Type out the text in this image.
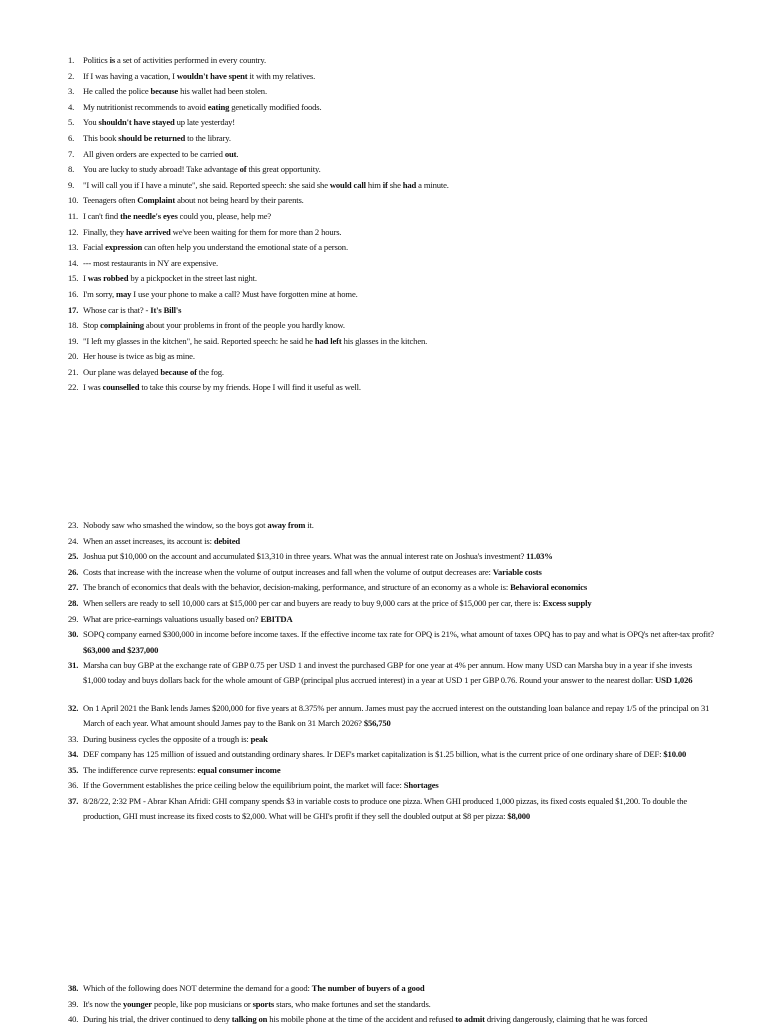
1. Politics is a set of activities performed in every country.

2. If I was having a vacation, I wouldn't have spent it with my relatives.

3. He called the police because his wallet had been stolen.

4. My nutritionist recommends to avoid eating genetically modified foods.

5. You shouldn't have stayed up late yesterday!

6. This book should be returned to the library.

7. All given orders are expected to be carried out.

8. You are lucky to study abroad! Take advantage of this great opportunity.

9. "I will call you if I have a minute", she said. Reported speech: she said she would call him if she had a minute.

10. Teenagers often Complaint about not being heard by their parents.

11. I can't find the needle's eyes could you, please, help me?

12. Finally, they have arrived we've been waiting for them for more than 2 hours.

13. Facial expression can often help you understand the emotional state of a person.

14. --- most restaurants in NY are expensive.

15. I was robbed by a pickpocket in the street last night.

16. I'm sorry, may I use your phone to make a call? Must have forgotten mine at home.

17. Whose car is that? - It's Bill's

18. Stop complaining about your problems in front of the people you hardly know.

19. "I left my glasses in the kitchen", he said. Reported speech: he said he had left his glasses in the kitchen.

20. Her house is twice as big as mine.

21. Our plane was delayed because of the fog.

22. I was counselled to take this course by my friends. Hope I will find it useful as well.

23. Nobody saw who smashed the window, so the boys got away from it.

24. When an asset increases, its account is: debited

25. Joshua put $10,000 on the account and accumulated $13,310 in three years. What was the annual interest rate on Joshua's investment? 11.03%

26. Costs that increase with the increase when the volume of output increases and fall when the volume of output decreases are: Variable costs

27. The branch of economics that deals with the behavior, decision-making, performance, and structure of an economy as a whole is: Behavioral economics

28. When sellers are ready to sell 10,000 cars at $15,000 per car and buyers are ready to buy 9,000 cars at the price of $15,000 per car, there is: Excess supply

29. What are price-earnings valuations usually based on? EBITDA

30. SOPQ company earned $300,000 in income before income taxes. If the effective income tax rate for OPQ is 21%, what amount of taxes OPQ has to pay and what is OPQ's net after-tax profit? $63,000 and $237,000

31. Marsha can buy GBP at the exchange rate of GBP 0.75 per USD 1 and invest the purchased GBP for one year at 4% per annum. How many USD can Marsha buy in a year if she invests $1,000 today and buys dollars back for the whole amount of GBP (principal plus accrued interest) in a year at USD 1 per GBP 0.76. Round your answer to the nearest dollar: USD 1,026

32. On 1 April 2021 the Bank lends James $200,000 for five years at 8.375% per annum. James must pay the accrued interest on the outstanding loan balance and repay 1/5 of the principal on 31 March of each year. What amount should James pay to the Bank on 31 March 2026? $56,750

33. During business cycles the opposite of a trough is: peak

34. DEF company has 125 million of issued and outstanding ordinary shares. Ir DEF's market capitalization is $1.25 billion, what is the current price of one ordinary share of DEF: $10.00

35. The indifference curve represents: equal consumer income

36. If the Government establishes the price ceiling below the equilibrium point, the market will face: Shortages

37. 8/28/22, 2:32 PM - Abrar Khan Afridi: GHI company spends $3 in variable costs to produce one pizza. When GHI produced 1,000 pizzas, its fixed costs equaled $1,200. To double the production, GHI must increase its fixed costs to $2,000. What will be GHI's profit if they sell the doubled output at $8 per pizza: $8,000

38. Which of the following does NOT determine the demand for a good: The number of buyers of a good

39. It's now the younger people, like pop musicians or sports stars, who make fortunes and set the standards.

40. During his trial, the driver continued to deny talking on his mobile phone at the time of the accident and refused to admit driving dangerously, claiming that he was forced
